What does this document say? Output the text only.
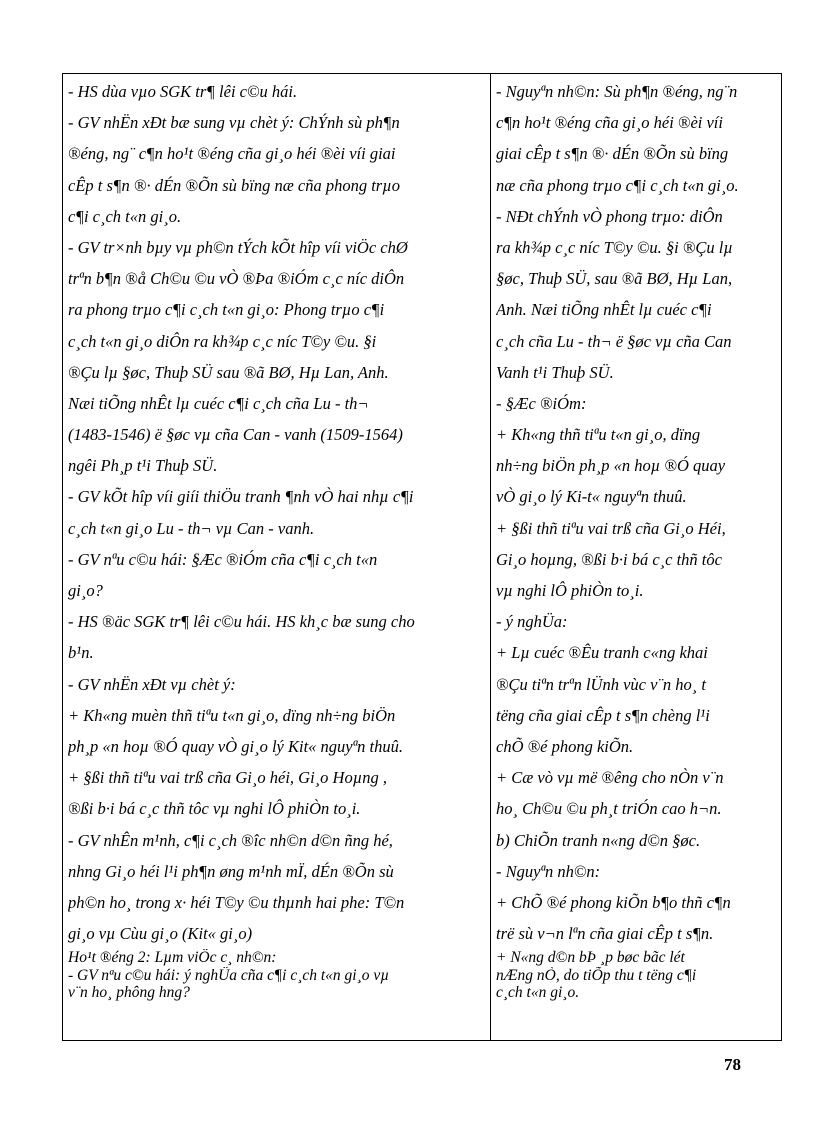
- HS dùa vµo SGK tr¶ lêi c©u hái.
- GV nhËn xÐt bæ sung vµ chèt ý: ChÝnh sù ph¶n
®éng, ng¨ c¶n ho¹t ®éng cña gi¸o héi ®èi víi giai
cÊp t s¶n ®· dÉn ®Õn sù bïng næ cña phong trµo
c¶i c¸ch t«n gi¸o.
- GV tr×nh bµy vµ ph©n tÝch kÕt hîp víi viÖc chØ
trªn b¶n ®å Ch©u ©u vÒ ®Þa ®iÓm c¸c níc diÔn
ra phong trµo c¶i c¸ch t«n gi¸o: Phong trµo c¶i
c¸ch t«n gi¸o diÔn ra kh¾p c¸c níc T©y ©u. §i
®Çu lµ §øc, Thuþ SÜ sau ®ã BØ, Hµ Lan, Anh.
Næi tiÕng nhÊt lµ cuéc c¶i c¸ch cña Lu - th¬
(1483-1546) ë §øc vµ cña Can - vanh (1509-1564)
ngêi Ph¸p t¹i Thuþ SÜ.
- GV kÕt hîp víi giíi thiÖu tranh ¶nh vÒ hai nhµ c¶i
c¸ch t«n gi¸o Lu - th¬ vµ Can - vanh.
- GV nªu c©u hái: §Æc ®iÓm cña c¶i c¸ch t«n
gi¸o?
- HS ®äc SGK tr¶ lêi c©u hái. HS kh¸c bæ sung cho
b¹n.
- GV nhËn xÐt vµ chèt ý:
+ Kh«ng muèn thñ tiªu t«n gi¸o, dïng nh÷ng biÖn
ph¸p «n hoµ ®Ó quay vÒ gi¸o lý Kit« nguyªn thuû.
+ §ßi thñ tiªu vai trß cña Gi¸o héi, Gi¸o Hoµng ,
®ßi b·i bá c¸c thñ tôc vµ nghi lÔ phiÒn to¸i.
- GV nhÊn m¹nh, c¶i c¸ch ®îc nh©n d©n ñng hé,
nhng Gi¸o héi l¹i ph¶n øng m¹nh mÏ, dÉn ®Õn sù
ph©n ho¸ trong x· héi T©y ©u thµnh hai phe: T©n
gi¸o vµ Cùu gi¸o (Kit« gi¸o)
Ho¹t ®éng 2: Lµm viÖc c¸ nh©n:
- GV nªu c©u hái: ý nghÜa cña c¶i c¸ch t«n gi¸o vµ
v¨n ho¸ phông hng?

- Nguyªn nh©n: Sù ph¶n ®éng, ng¨n
c¶n ho¹t ®éng cña gi¸o héi ®èi víi
giai cÊp t s¶n ®· dÉn ®Õn sù bïng
næ cña phong trµo c¶i c¸ch t«n gi¸o.
- NÐt chÝnh vÒ phong trµo: diÔn
ra kh¾p c¸c níc T©y ©u. §i ®Çu lµ
§øc, Thuþ SÜ, sau ®ã BØ, Hµ Lan,
Anh. Næi tiÕng nhÊt lµ cuéc c¶i
c¸ch cña Lu - th¬ ë §øc vµ cña Can
Vanh t¹i Thuþ SÜ.
- §Æc ®iÓm:
+ Kh«ng thñ tiªu t«n gi¸o, dïng
nh÷ng biÖn ph¸p «n hoµ ®Ó quay
vÒ gi¸o lý Ki-t« nguyªn thuû.
+ §ßi thñ tiªu vai trß cña Gi¸o Héi,
Gi¸o hoµng, ®ßi b·i bá c¸c thñ tôc
vµ nghi lÔ phiÒn to¸i.
- ý nghÜa:
+ Lµ cuéc ®Êu tranh c«ng khai
®Çu tiªn trªn lÜnh vùc v¨n ho¸ t
tëng cña giai cÊp t s¶n chèng l¹i
chÕ ®é phong kiÕn.
+ Cæ vò vµ më ®êng cho nÒn v¨n
ho¸ Ch©u ©u ph¸t triÓn cao h¬n.
b) ChiÕn tranh n«ng d©n §øc.
- Nguyªn nh©n:
+ ChÕ ®é phong kiÕn b¶o thñ c¶n
trë sù v¬n lªn cña giai cÊp t s¶n.
+ N«ng d©n bÞ ¸p bøc bãc lét
nÆng nÒ, do tiÕp thu t tëng c¶i
c¸ch t«n gi¸o.
78
